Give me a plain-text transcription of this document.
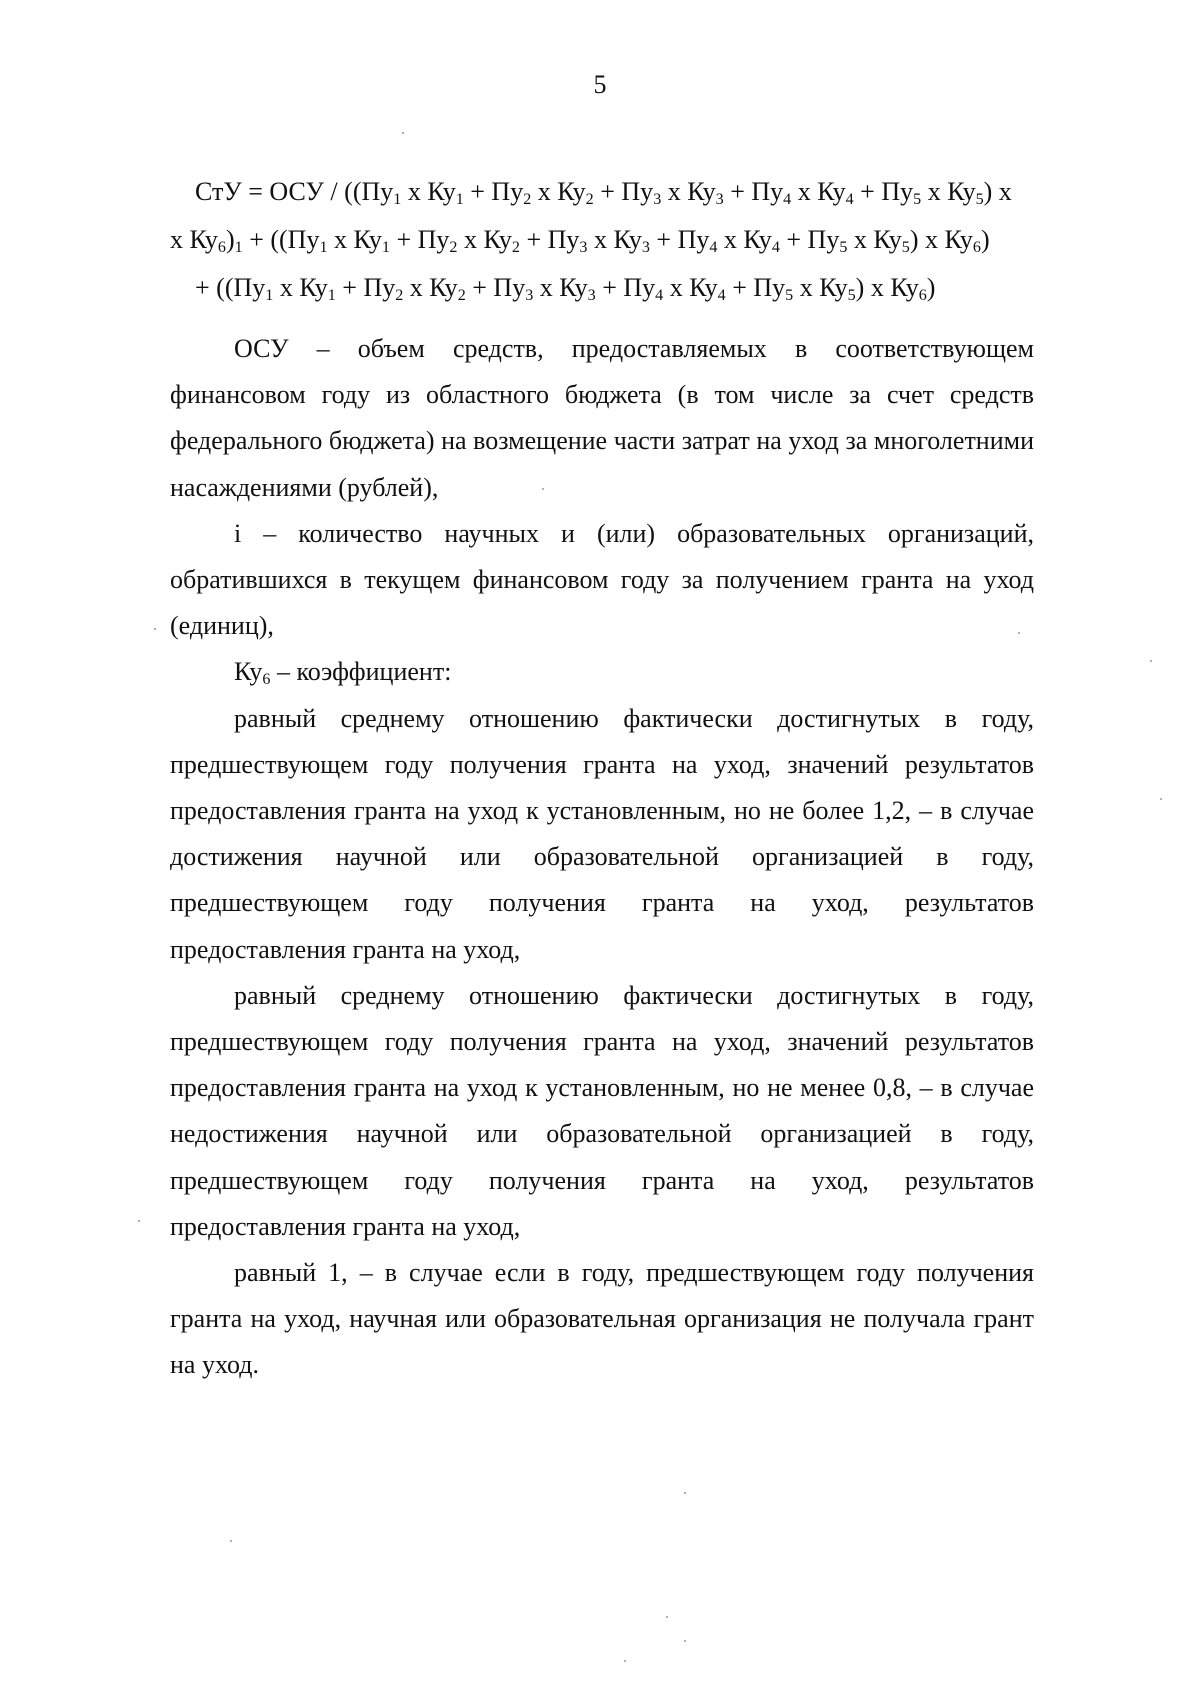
5
СтУ = ОСУ / (($Пу_1$ х $Ку_1 + Пу_2$ х $Ку_2 + Пу_3$ х $Ку_3 + Пу_4$ х $Ку_4 + Пу_5$ х $Ку_5$) х
х $Ку_6)_1 + ((Пу_1$ х $Ку_1 + Пу_2$ х $Ку_2 + Пу_3$ х $Ку_3 + Пу_4$ х $Ку_4 + Пу_5$ х $Ку_5$) х $Ку_6$)
+ (($Пу_1$ х $Ку_1 + Пу_2$ х $Ку_2 + Пу_3$ х $Ку_3 + Пу_4$ х $Ку_4 + Пу_5$ х $Ку_5$) х $Ку_6$)

ОСУ – объем средств, предоставляемых в соответствующем финансовом году из областного бюджета (в том числе за счет средств федерального бюджета) на возмещение части затрат на уход за многолетними насаждениями (рублей),

i – количество научных и (или) образовательных организаций, обратившихся в текущем финансовом году за получением гранта на уход (единиц),

$Ку_6$ – коэффициент:

равный среднему отношению фактически достигнутых в году, предшествующем году получения гранта на уход, значений результатов предоставления гранта на уход к установленным, но не более 1,2, – в случае достижения научной или образовательной организацией в году, предшествующем году получения гранта на уход, результатов предоставления гранта на уход,

равный среднему отношению фактически достигнутых в году, предшествующем году получения гранта на уход, значений результатов предоставления гранта на уход к установленным, но не менее 0,8, – в случае недостижения научной или образовательной организацией в году, предшествующем году получения гранта на уход, результатов предоставления гранта на уход,

равный 1, – в случае если в году, предшествующем году получения гранта на уход, научная или образовательная организация не получала грант на уход.
